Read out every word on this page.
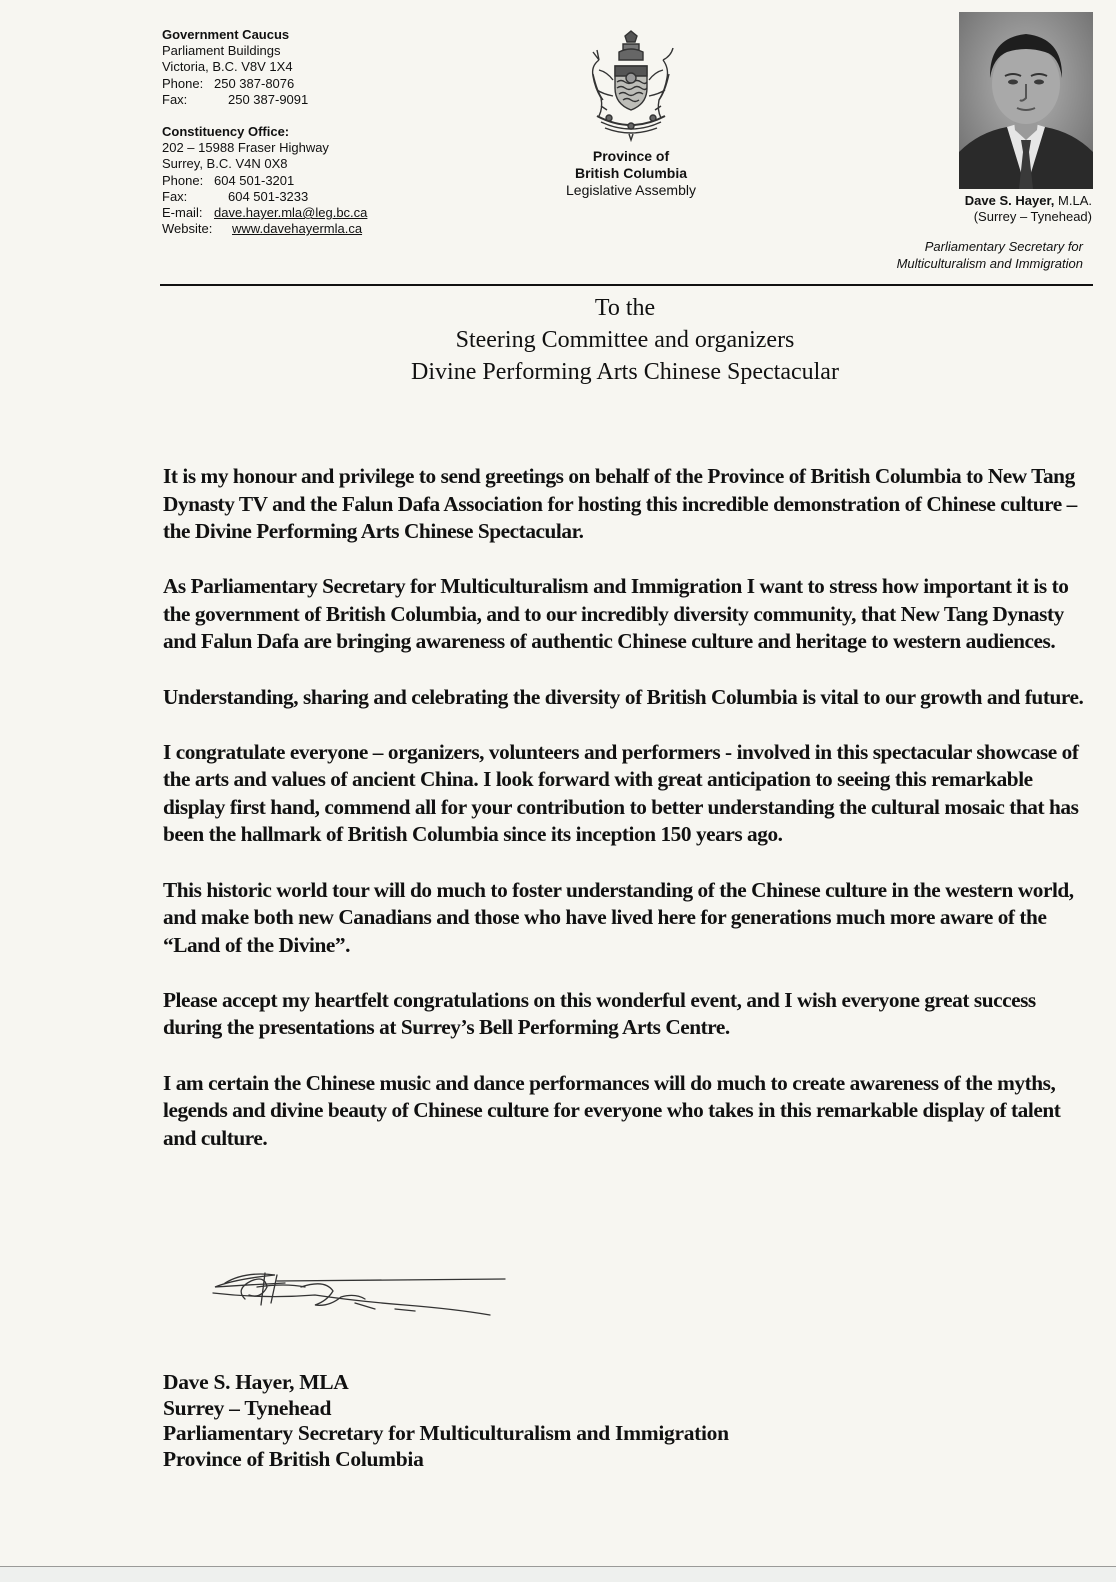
Government Caucus
Parliament Buildings
Victoria, B.C. V8V 1X4
Phone: 250 387-8076
Fax:	250 387-9091
Constituency Office:
202 – 15988 Fraser Highway
Surrey, B.C. V4N 0X8
Phone: 604 501-3201
Fax:	604 501-3233
E-mail: dave.hayer.mla@leg.bc.ca
Website: www.davehayermla.ca
Province of
British Columbia
Legislative Assembly
Dave S. Hayer, M.LA.
(Surrey – Tynehead)
Parliamentary Secretary for
Multiculturalism and Immigration
To the
Steering Committee and organizers
Divine Performing Arts Chinese Spectacular

It is my honour and privilege to send greetings on behalf of the Province of British Columbia to New Tang Dynasty TV and the Falun Dafa Association for hosting this incredible demonstration of Chinese culture – the Divine Performing Arts Chinese Spectacular.

As Parliamentary Secretary for Multiculturalism and Immigration I want to stress how important it is to the government of British Columbia, and to our incredibly diversity community, that New Tang Dynasty and Falun Dafa are bringing awareness of authentic Chinese culture and heritage to western audiences.

Understanding, sharing and celebrating the diversity of British Columbia is vital to our growth and future.

I congratulate everyone – organizers, volunteers and performers - involved in this spectacular showcase of the arts and values of ancient China. I look forward with great anticipation to seeing this remarkable display first hand, commend all for your contribution to better understanding the cultural mosaic that has been the hallmark of British Columbia since its inception 150 years ago.

This historic world tour will do much to foster understanding of the Chinese culture in the western world, and make both new Canadians and those who have lived here for generations much more aware of the “Land of the Divine”.

Please accept my heartfelt congratulations on this wonderful event, and I wish everyone great success during the presentations at Surrey’s Bell Performing Arts Centre.

I am certain the Chinese music and dance performances will do much to create awareness of the myths, legends and divine beauty of Chinese culture for everyone who takes in this remarkable display of talent and culture.

Dave S. Hayer, MLA
Surrey – Tynehead
Parliamentary Secretary for Multiculturalism and Immigration
Province of British Columbia
